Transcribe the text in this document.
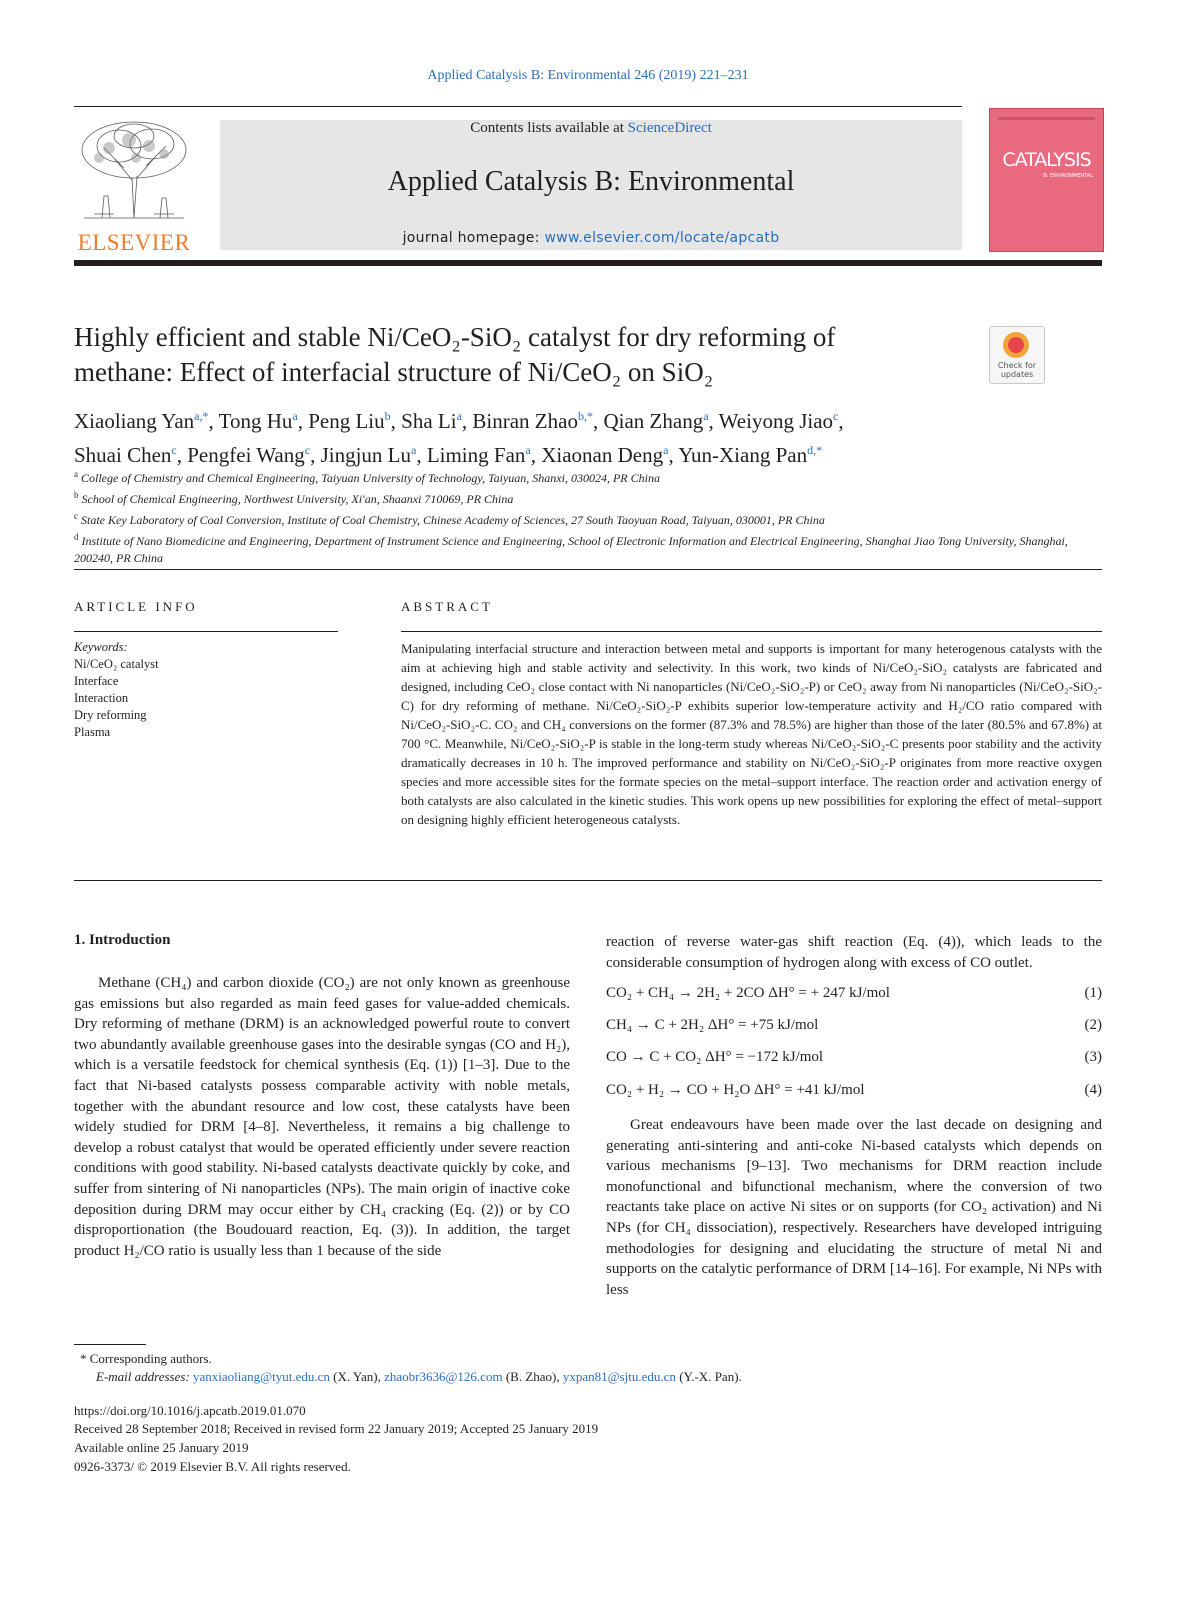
Applied Catalysis B: Environmental 246 (2019) 221–231
ELSEVIER
Contents lists available at ScienceDirect
Applied Catalysis B: Environmental
journal homepage: www.elsevier.com/locate/apcatb
CATALYSIS
B: ENVIRONMENTAL
Highly efficient and stable Ni/CeO₂-SiO₂ catalyst for dry reforming of
methane: Effect of interfacial structure of Ni/CeO₂ on SiO₂	Check for
updates
Xiaoliang Yan$^{a,*}$, Tong Hu$^a$, Peng Liu$^b$, Sha Li$^a$, Binran Zhao$^{b,*}$, Qian Zhang$^a$, Weiyong Jiao$^c$,
Shuai Chen$^c$, Pengfei Wang$^c$, Jingjun Lu$^a$, Liming Fan$^a$, Xiaonan Deng$^a$, Yun-Xiang Pan$^{d,*}$
$^a$ College of Chemistry and Chemical Engineering, Taiyuan University of Technology, Taiyuan, Shanxi, 030024, PR China
$^b$ School of Chemical Engineering, Northwest University, Xi'an, Shaanxi 710069, PR China
$^c$ State Key Laboratory of Coal Conversion, Institute of Coal Chemistry, Chinese Academy of Sciences, 27 South Taoyuan Road, Taiyuan, 030001, PR China
$^d$ Institute of Nano Biomedicine and Engineering, Department of Instrument Science and Engineering, School of Electronic Information and Electrical Engineering, Shanghai Jiao Tong University, Shanghai, 200240, PR China
ARTICLE INFO	ABSTRACT
Keywords:
Ni/CeO₂ catalyst
Interface
Interaction
Dry reforming
Plasma
Manipulating interfacial structure and interaction between metal and supports is important for many heterogenous catalysts with the aim at achieving high and stable activity and selectivity. In this work, two kinds of Ni/CeO₂-SiO₂ catalysts are fabricated and designed, including CeO₂ close contact with Ni nanoparticles (Ni/CeO₂-SiO₂-P) or CeO₂ away from Ni nanoparticles (Ni/CeO₂-SiO₂-C) for dry reforming of methane. Ni/CeO₂-SiO₂-P exhibits superior low-temperature activity and H₂/CO ratio compared with Ni/CeO₂-SiO₂-C. CO₂ and CH₄ conversions on the former (87.3% and 78.5%) are higher than those of the later (80.5% and 67.8%) at 700 °C. Meanwhile, Ni/CeO₂-SiO₂-P is stable in the long-term study whereas Ni/CeO₂-SiO₂-C presents poor stability and the activity dramatically decreases in 10 h. The improved performance and stability on Ni/CeO₂-SiO₂-P originates from more reactive oxygen species and more accessible sites for the formate species on the metal–support interface. The reaction order and activation energy of both catalysts are also calculated in the kinetic studies. This work opens up new possibilities for exploring the effect of metal–support on designing highly efficient heterogeneous catalysts.
1. Introduction
Methane (CH₄) and carbon dioxide (CO₂) are not only known as greenhouse gas emissions but also regarded as main feed gases for value-added chemicals. Dry reforming of methane (DRM) is an acknowledged powerful route to convert two abundantly available greenhouse gases into the desirable syngas (CO and H₂), which is a versatile feedstock for chemical synthesis (Eq. (1)) [1–3]. Due to the fact that Ni-based catalysts possess comparable activity with noble metals, together with the abundant resource and low cost, these catalysts have been widely studied for DRM [4–8]. Nevertheless, it remains a big challenge to develop a robust catalyst that would be operated efficiently under severe reaction conditions with good stability. Ni-based catalysts deactivate quickly by coke, and suffer from sintering of Ni nanoparticles (NPs). The main origin of inactive coke deposition during DRM may occur either by CH₄ cracking (Eq. (2)) or by CO disproportionation (the Boudouard reaction, Eq. (3)). In addition, the target product H₂/CO ratio is usually less than 1 because of the side
reaction of reverse water-gas shift reaction (Eq. (4)), which leads to the considerable consumption of hydrogen along with excess of CO outlet.
CO₂ + CH₄ → 2H₂ + 2CO ΔH° = + 247 kJ/mol	(1)
CH₄ → C + 2H₂ ΔH° = +75 kJ/mol	(2)
CO → C + CO₂ ΔH° = −172 kJ/mol	(3)
CO₂ + H₂ → CO + H₂O ΔH° = +41 kJ/mol	(4)
Great endeavours have been made over the last decade on designing and generating anti-sintering and anti-coke Ni-based catalysts which depends on various mechanisms [9–13]. Two mechanisms for DRM reaction include monofunctional and bifunctional mechanism, where the conversion of two reactants take place on active Ni sites or on supports (for CO₂ activation) and Ni NPs (for CH₄ dissociation), respectively. Researchers have developed intriguing methodologies for designing and elucidating the structure of metal Ni and supports on the catalytic performance of DRM [14–16]. For example, Ni NPs with less
* Corresponding authors.
E-mail addresses: yanxiaoliang@tyut.edu.cn (X. Yan), zhaobr3636@126.com (B. Zhao), yxpan81@sjtu.edu.cn (Y.-X. Pan).
https://doi.org/10.1016/j.apcatb.2019.01.070
Received 28 September 2018; Received in revised form 22 January 2019; Accepted 25 January 2019
Available online 25 January 2019
0926-3373/ © 2019 Elsevier B.V. All rights reserved.
